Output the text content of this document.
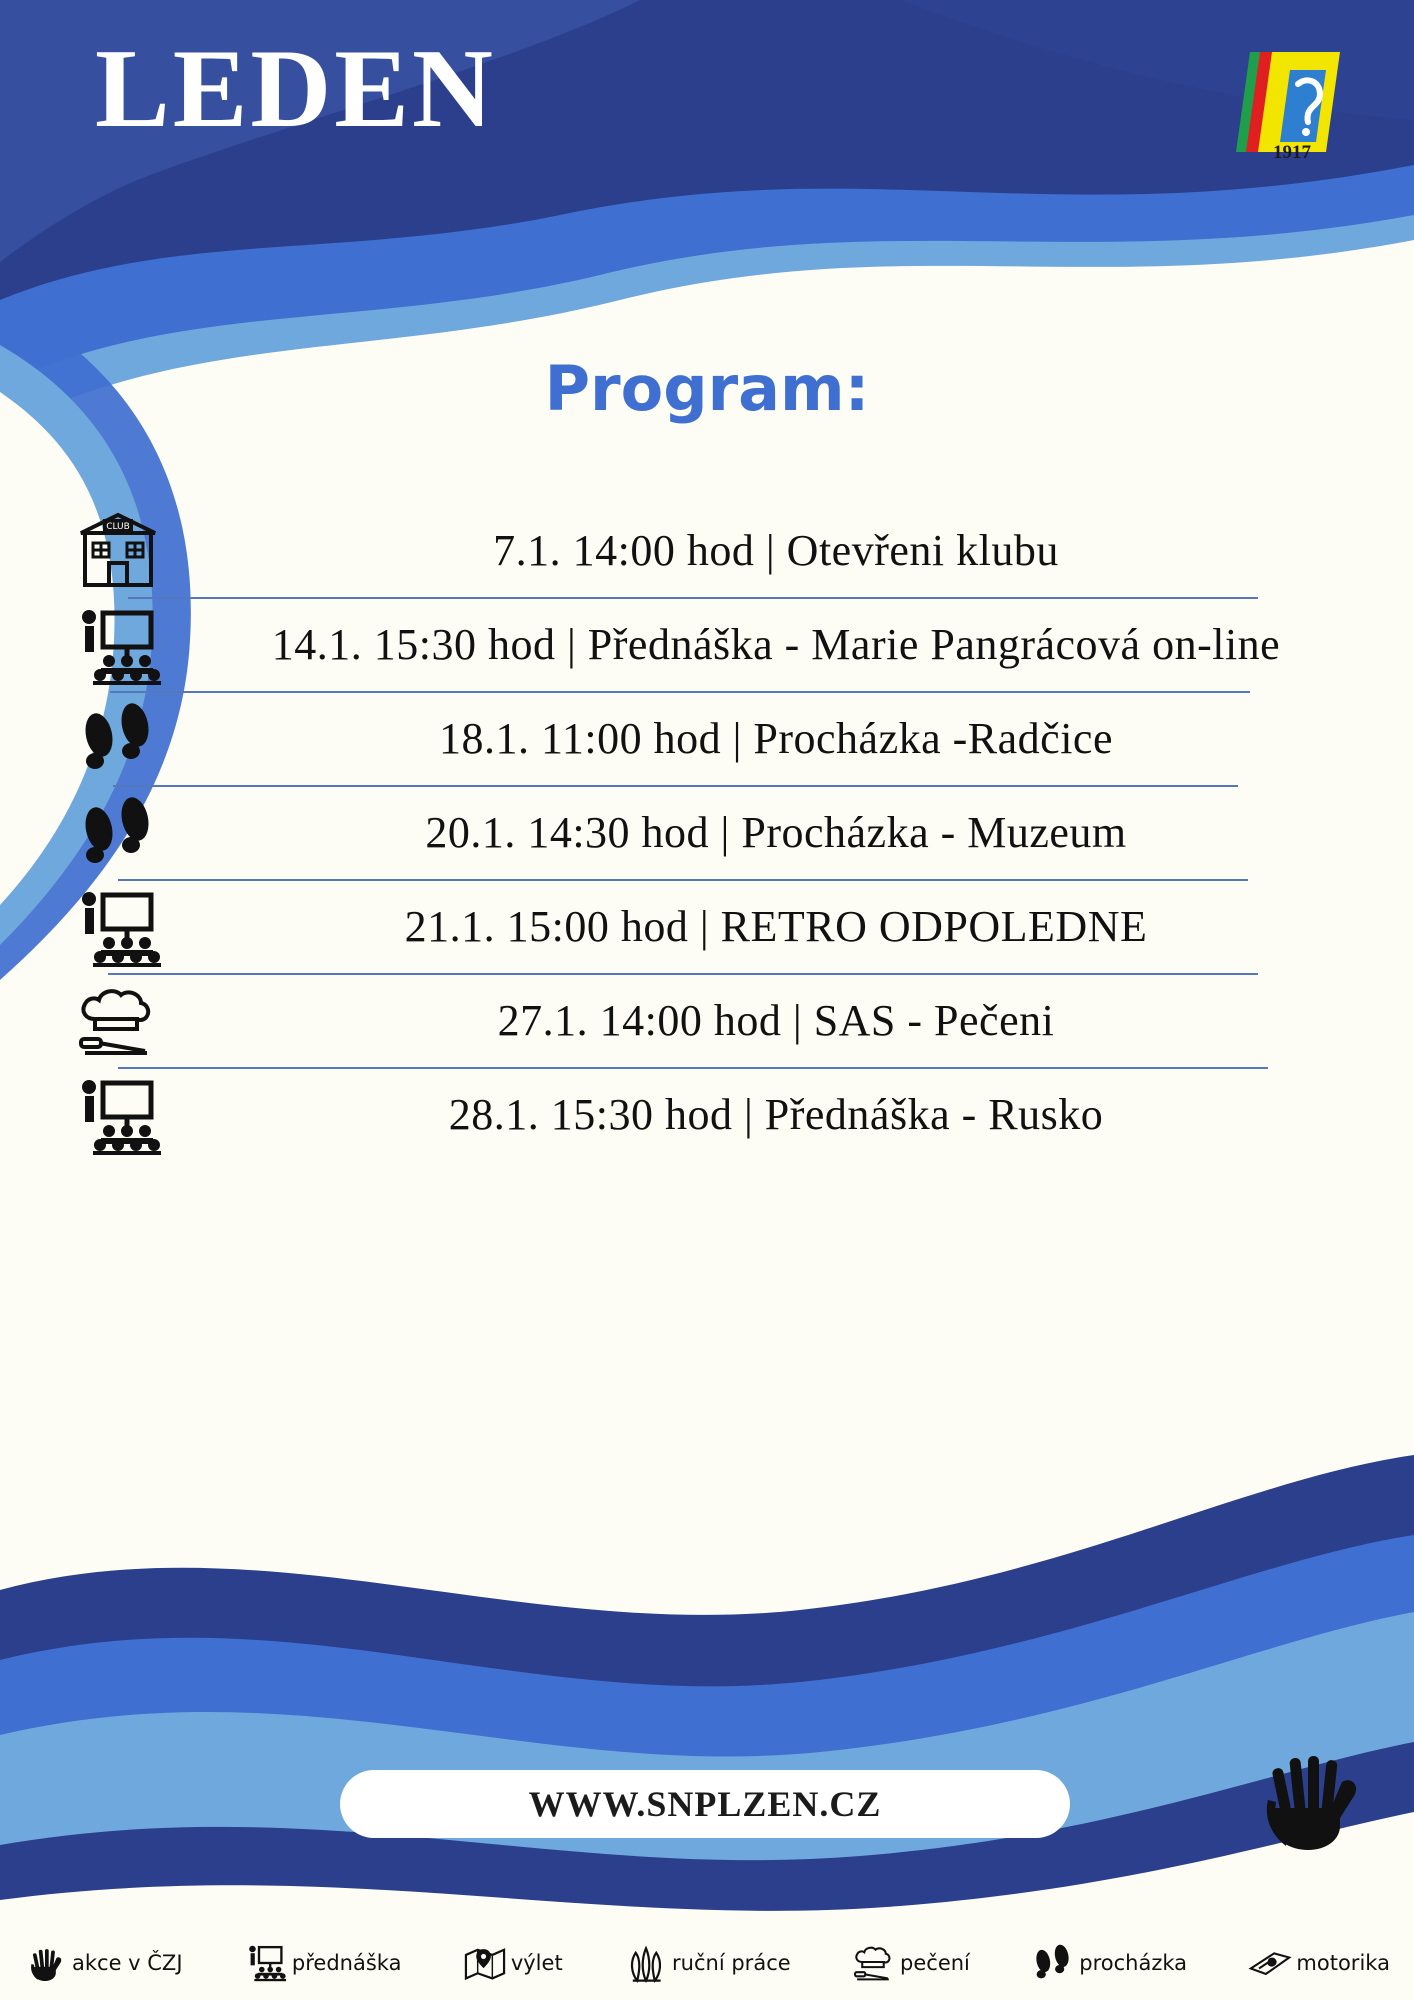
LEDEN
1917
Program:
CLUB	7.1. 14:00 hod | Otevřeni klubu
14.1. 15:30 hod | Přednáška - Marie Pangrácová on-line
18.1. 11:00 hod | Procházka -Radčice
20.1. 14:30 hod | Procházka - Muzeum
21.1. 15:00 hod | RETRO ODPOLEDNE
27.1. 14:00 hod | SAS - Pečeni
28.1. 15:30 hod | Přednáška - Rusko
WWW.SNPLZEN.CZ
akce v ČZJ	přednáška	výlet	ruční práce	pečení	procházka	motorika
